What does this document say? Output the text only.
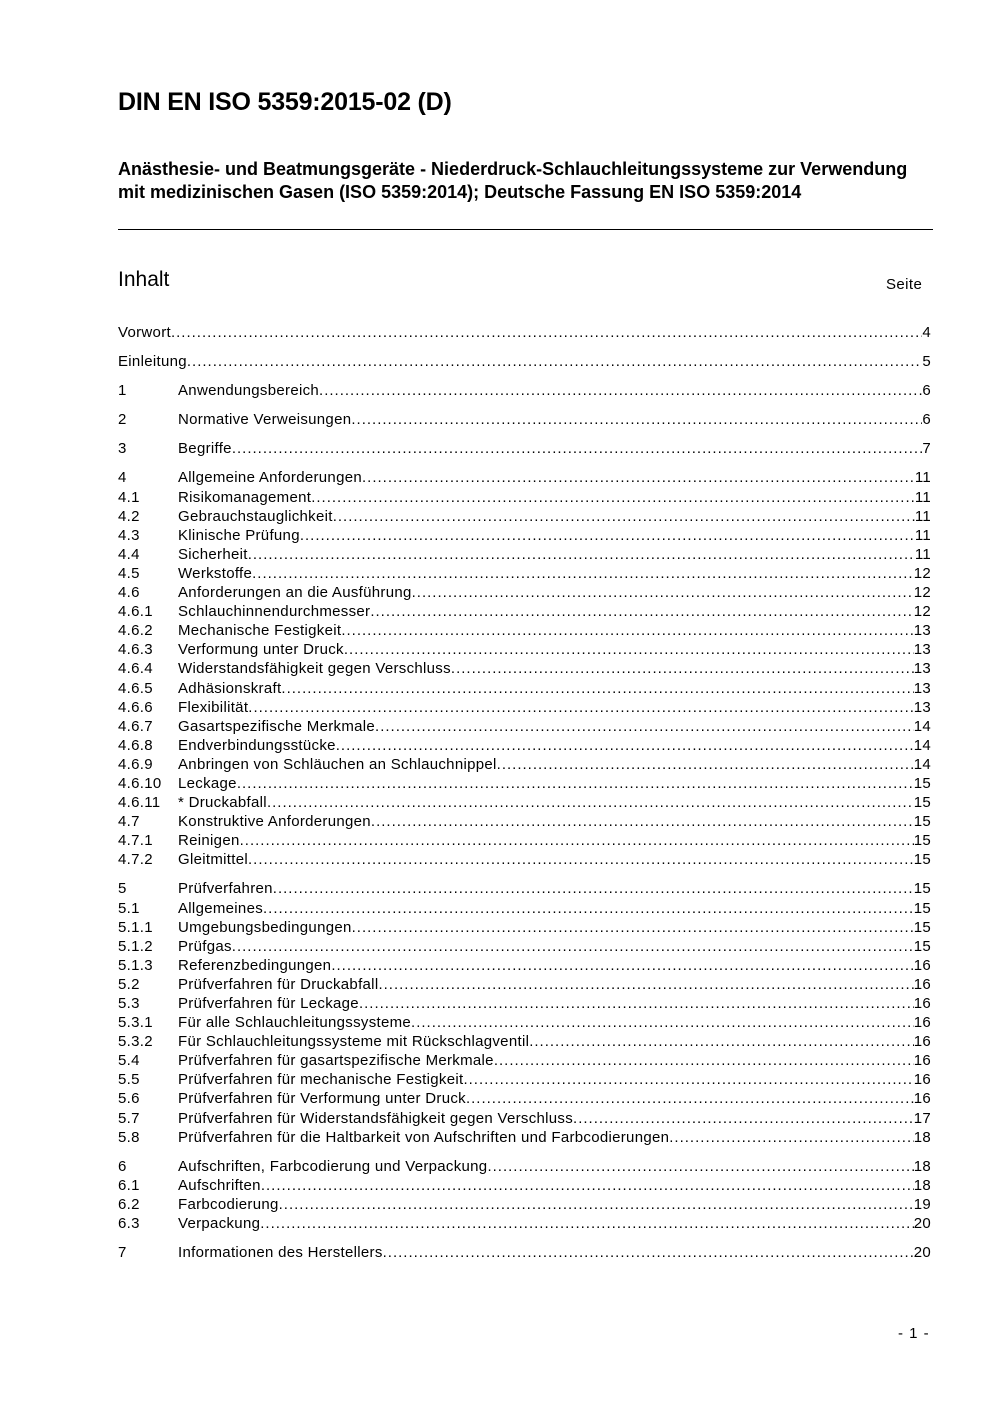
DIN EN ISO 5359:2015-02 (D)
Anästhesie- und Beatmungsgeräte - Niederdruck-Schlauchleitungssysteme zur Verwendung mit medizinischen Gasen (ISO 5359:2014); Deutsche Fassung EN ISO 5359:2014
Inhalt	Seite
Vorwort .....	4
Einleitung .....	5
1	Anwendungsbereich .....	6
2	Normative Verweisungen .....	6
3	Begriffe .....	7
4	Allgemeine Anforderungen .....	11
4.1	Risikomanagement .....	11
4.2	Gebrauchstauglichkeit .....	11
4.3	Klinische Prüfung .....	11
4.4	Sicherheit .....	11
4.5	Werkstoffe .....	12
4.6	Anforderungen an die Ausführung .....	12
4.6.1	Schlauchinnendurchmesser .....	12
4.6.2	Mechanische Festigkeit .....	13
4.6.3	Verformung unter Druck .....	13
4.6.4	Widerstandsfähigkeit gegen Verschluss .....	13
4.6.5	Adhäsionskraft .....	13
4.6.6	Flexibilität .....	13
4.6.7	Gasartspezifische Merkmale .....	14
4.6.8	Endverbindungsstücke .....	14
4.6.9	Anbringen von Schläuchen an Schlauchnippel .....	14
4.6.10	Leckage .....	15
4.6.11	* Druckabfall .....	15
4.7	Konstruktive Anforderungen .....	15
4.7.1	Reinigen .....	15
4.7.2	Gleitmittel .....	15
5	Prüfverfahren .....	15
5.1	Allgemeines .....	15
5.1.1	Umgebungsbedingungen .....	15
5.1.2	Prüfgas .....	15
5.1.3	Referenzbedingungen .....	16
5.2	Prüfverfahren für Druckabfall .....	16
5.3	Prüfverfahren für Leckage .....	16
5.3.1	Für alle Schlauchleitungssysteme .....	16
5.3.2	Für Schlauchleitungssysteme mit Rückschlagventil .....	16
5.4	Prüfverfahren für gasartspezifische Merkmale .....	16
5.5	Prüfverfahren für mechanische Festigkeit .....	16
5.6	Prüfverfahren für Verformung unter Druck .....	16
5.7	Prüfverfahren für Widerstandsfähigkeit gegen Verschluss .....	17
5.8	Prüfverfahren für die Haltbarkeit von Aufschriften und Farbcodierungen .....	18
6	Aufschriften, Farbcodierung und Verpackung .....	18
6.1	Aufschriften .....	18
6.2	Farbcodierung .....	19
6.3	Verpackung .....	20
7	Informationen des Herstellers .....	20
- 1 -
